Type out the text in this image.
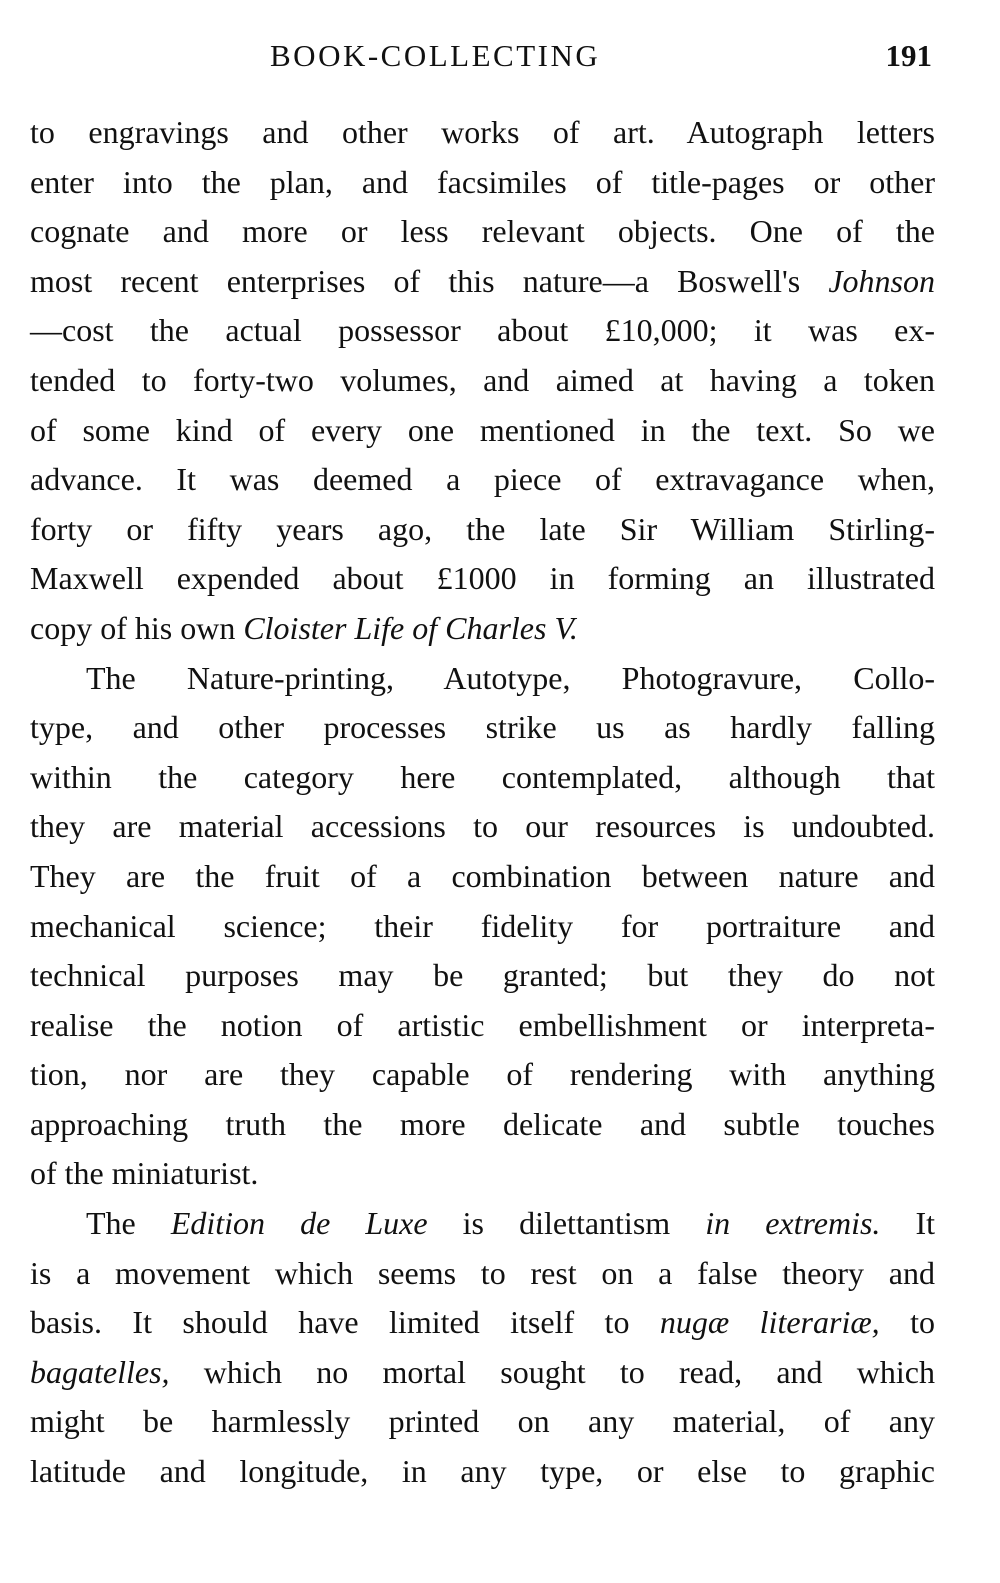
BOOK-COLLECTING	191
to engravings and other works of art. Autograph letters
enter into the plan, and facsimiles of title-pages or other
cognate and more or less relevant objects. One of the
most recent enterprises of this nature—a Boswell's Johnson
—cost the actual possessor about £10,000; it was ex-
tended to forty-two volumes, and aimed at having a token
of some kind of every one mentioned in the text. So we
advance. It was deemed a piece of extravagance when,
forty or fifty years ago, the late Sir William Stirling-
Maxwell expended about £1000 in forming an illustrated
copy of his own Cloister Life of Charles V.
The Nature-printing, Autotype, Photogravure, Collo-
type, and other processes strike us as hardly falling
within the category here contemplated, although that
they are material accessions to our resources is undoubted.
They are the fruit of a combination between nature and
mechanical science; their fidelity for portraiture and
technical purposes may be granted; but they do not
realise the notion of artistic embellishment or interpreta-
tion, nor are they capable of rendering with anything
approaching truth the more delicate and subtle touches
of the miniaturist.
The Edition de Luxe is dilettantism in extremis. It
is a movement which seems to rest on a false theory and
basis. It should have limited itself to nugæ literariæ, to
bagatelles, which no mortal sought to read, and which
might be harmlessly printed on any material, of any
latitude and longitude, in any type, or else to graphic
